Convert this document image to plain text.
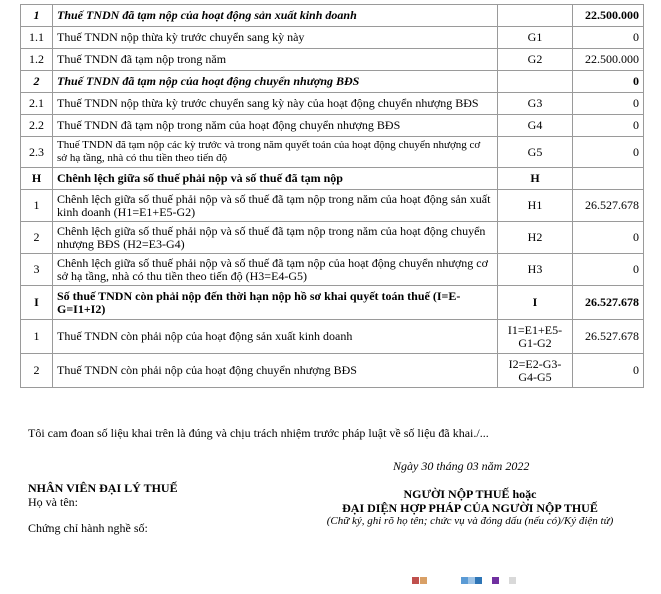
1	Thuế TNDN đã tạm nộp của hoạt động sản xuất kinh doanh		22.500.000
1.1	Thuế TNDN nộp thừa kỳ trước chuyển sang kỳ này	G1	0
1.2	Thuế TNDN đã tạm nộp trong năm	G2	22.500.000
2	Thuế TNDN đã tạm nộp của hoạt động chuyển nhượng BĐS		0
2.1	Thuế TNDN nộp thừa kỳ trước chuyển sang kỳ này của hoạt động chuyển nhượng BĐS	G3	0
2.2	Thuế TNDN đã tạm nộp trong năm của hoạt động chuyển nhượng BĐS	G4	0
2.3	Thuế TNDN đã tạm nộp các kỳ trước và trong năm quyết toán của hoạt động chuyển nhượng cơ sở hạ tầng, nhà có thu tiền theo tiến độ	G5	0
H	Chênh lệch giữa số thuế phải nộp và số thuế đã tạm nộp	H	
1	Chênh lệch giữa số thuế phải nộp và số thuế đã tạm nộp trong năm của hoạt động sản xuất kinh doanh (H1=E1+E5-G2)	H1	26.527.678
2	Chênh lệch giữa số thuế phải nộp và số thuế đã tạm nộp trong năm của hoạt động chuyển nhượng BĐS (H2=E3-G4)	H2	0
3	Chênh lệch giữa số thuế phải nộp và số thuế đã tạm nộp của hoạt động chuyển nhượng cơ sở hạ tầng, nhà có thu tiền theo tiến độ (H3=E4-G5)	H3	0
I	Số thuế TNDN còn phải nộp đến thời hạn nộp hồ sơ khai quyết toán thuế (I=E-G=I1+I2)	I	26.527.678
1	Thuế TNDN còn phải nộp của hoạt động sản xuất kinh doanh	I1=E1+E5-G1-G2	26.527.678
2	Thuế TNDN còn phải nộp của hoạt động chuyển nhượng BĐS	I2=E2-G3-G4-G5	0
Tôi cam đoan số liệu khai trên là đúng và chịu trách nhiệm trước pháp luật về số liệu đã khai./...
Ngày 30 tháng 03 năm 2022
NHÂN VIÊN ĐẠI LÝ THUẾ
Họ và tên:
Chứng chỉ hành nghề số:
NGƯỜI NỘP THUẾ hoặc
ĐẠI DIỆN HỢP PHÁP CỦA NGƯỜI NỘP THUẾ
(Chữ ký, ghi rõ họ tên; chức vụ và đóng dấu (nếu có)/Ký điện tử)
